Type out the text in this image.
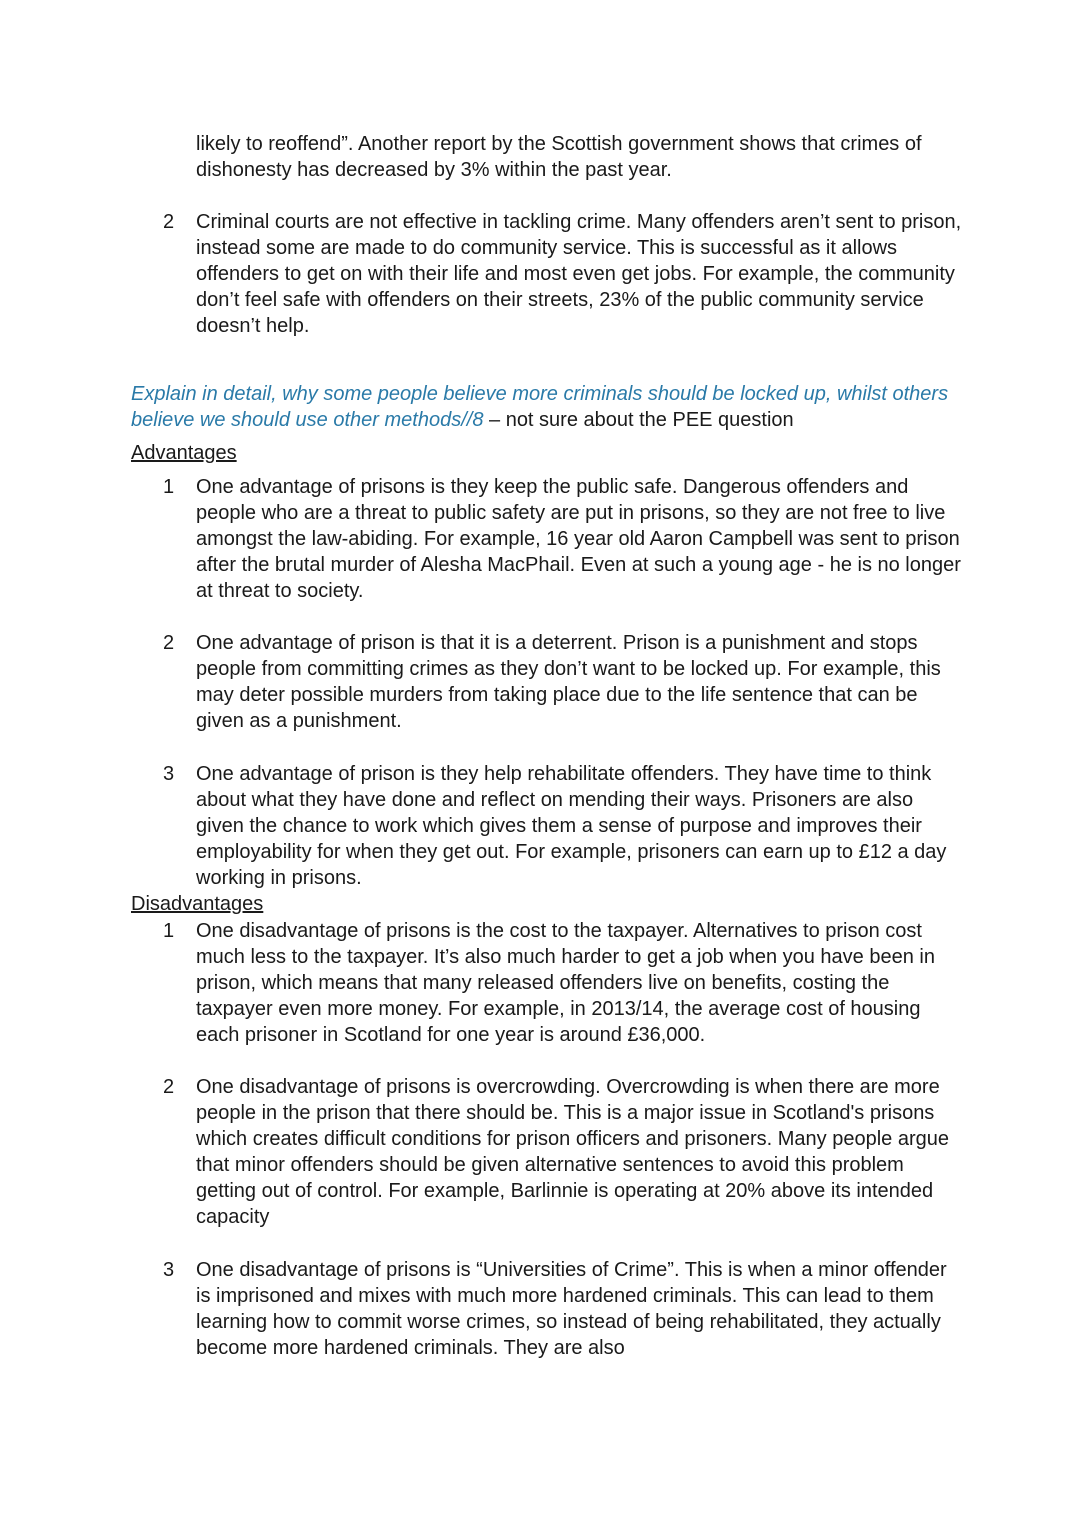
likely to reoffend”. Another report by the Scottish government shows that crimes of dishonesty has decreased by 3% within the past year.
2	Criminal courts are not effective in tackling crime. Many offenders aren’t sent to prison, instead some are made to do community service. This is successful as it allows offenders to get on with their life and most even get jobs. For example, the community don’t feel safe with offenders on their streets, 23% of the public community service doesn’t help.
Explain in detail, why some people believe more criminals should be locked up, whilst others believe we should use other methods//8 – not sure about the PEE question
Advantages
1	One advantage of prisons is they keep the public safe. Dangerous offenders and people who are a threat to public safety are put in prisons, so they are not free to live amongst the law-abiding. For example, 16 year old Aaron Campbell was sent to prison after the brutal murder of Alesha MacPhail. Even at such a young age - he is no longer at threat to society.
2	One advantage of prison is that it is a deterrent. Prison is a punishment and stops people from committing crimes as they don’t want to be locked up. For example, this may deter possible murders from taking place due to the life sentence that can be given as a punishment.
3	One advantage of prison is they help rehabilitate offenders. They have time to think about what they have done and reflect on mending their ways. Prisoners are also given the chance to work which gives them a sense of purpose and improves their employability for when they get out. For example, prisoners can earn up to £12 a day working in prisons.
Disadvantages
1	One disadvantage of prisons is the cost to the taxpayer. Alternatives to prison cost much less to the taxpayer. It’s also much harder to get a job when you have been in prison, which means that many released offenders live on benefits, costing the taxpayer even more money. For example, in 2013/14, the average cost of housing each prisoner in Scotland for one year is around £36,000.
2	One disadvantage of prisons is overcrowding. Overcrowding is when there are more people in the prison that there should be. This is a major issue in Scotland's prisons which creates difficult conditions for prison officers and prisoners. Many people argue that minor offenders should be given alternative sentences to avoid this problem getting out of control. For example, Barlinnie is operating at 20% above its intended capacity
3	One disadvantage of prisons is “Universities of Crime”. This is when a minor offender is imprisoned and mixes with much more hardened criminals. This can lead to them learning how to commit worse crimes, so instead of being rehabilitated, they actually become more hardened criminals. They are also
